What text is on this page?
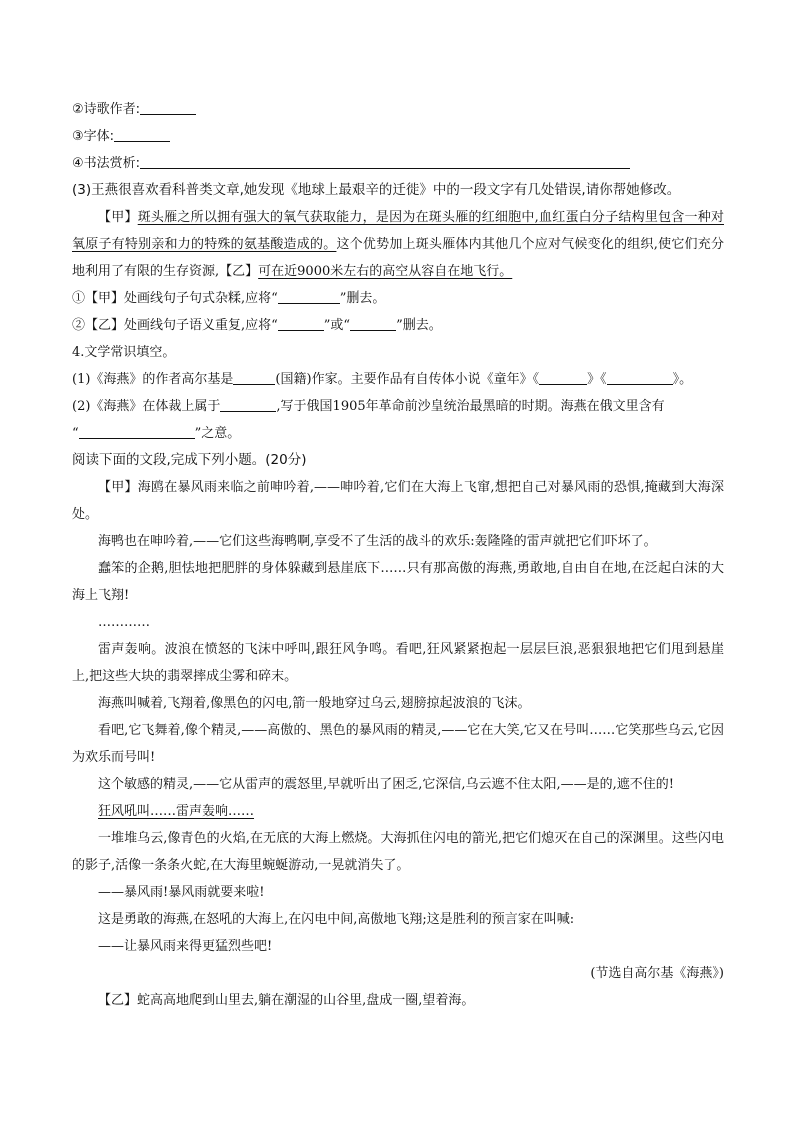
②诗歌作者:
③字体:
④书法赏析:
(3)王燕很喜欢看科普类文章,她发现《地球上最艰辛的迁徙》中的一段文字有几处错误,请你帮她修改。
【甲】斑头雁之所以拥有强大的氧气获取能力，是因为在斑头雁的红细胞中,血红蛋白分子结构里包含一种对氧原子有特别亲和力的特殊的氨基酸造成的。这个优势加上斑头雁体内其他几个应对气候变化的组织,使它们充分地利用了有限的生存资源,【乙】可在近9000米左右的高空从容自在地飞行。
①【甲】处画线句子句式杂糅,应将“	”删去。
②【乙】处画线句子语义重复,应将“	”或“	”删去。
4.文学常识填空。
(1)《海燕》的作者高尔基是	(国籍)作家。主要作品有自传体小说《童年》《	》《	》。
(2)《海燕》在体裁上属于	,写于俄国1905年革命前沙皇统治最黑暗的时期。海燕在俄文里含有
“	”之意。
阅读下面的文段,完成下列小题。(20分)
【甲】海鸥在暴风雨来临之前呻吟着,——呻吟着,它们在大海上飞窜,想把自己对暴风雨的恐惧,掩藏到大海深处。
海鸭也在呻吟着,——它们这些海鸭啊,享受不了生活的战斗的欢乐:轰隆隆的雷声就把它们吓坏了。
蠢笨的企鹅,胆怯地把肥胖的身体躲藏到悬崖底下……只有那高傲的海燕,勇敢地,自由自在地,在泛起白沫的大海上飞翔!
…………
雷声轰响。波浪在愤怒的飞沫中呼叫,跟狂风争鸣。看吧,狂风紧紧抱起一层层巨浪,恶狠狠地把它们甩到悬崖上,把这些大块的翡翠摔成尘雾和碎末。
海燕叫喊着,飞翔着,像黑色的闪电,箭一般地穿过乌云,翅膀掠起波浪的飞沫。
看吧,它飞舞着,像个精灵,——高傲的、黑色的暴风雨的精灵,——它在大笑,它又在号叫……它笑那些乌云,它因为欢乐而号叫!
这个敏感的精灵,——它从雷声的震怒里,早就听出了困乏,它深信,乌云遮不住太阳,——是的,遮不住的!
狂风吼叫……雷声轰响……
一堆堆乌云,像青色的火焰,在无底的大海上燃烧。大海抓住闪电的箭光,把它们熄灭在自己的深渊里。这些闪电的影子,活像一条条火蛇,在大海里蜿蜒游动,一晃就消失了。
——暴风雨!暴风雨就要来啦!
这是勇敢的海燕,在怒吼的大海上,在闪电中间,高傲地飞翔;这是胜利的预言家在叫喊:
——让暴风雨来得更猛烈些吧!
(节选自高尔基《海燕》)
【乙】蛇高高地爬到山里去,躺在潮湿的山谷里,盘成一圈,望着海。
